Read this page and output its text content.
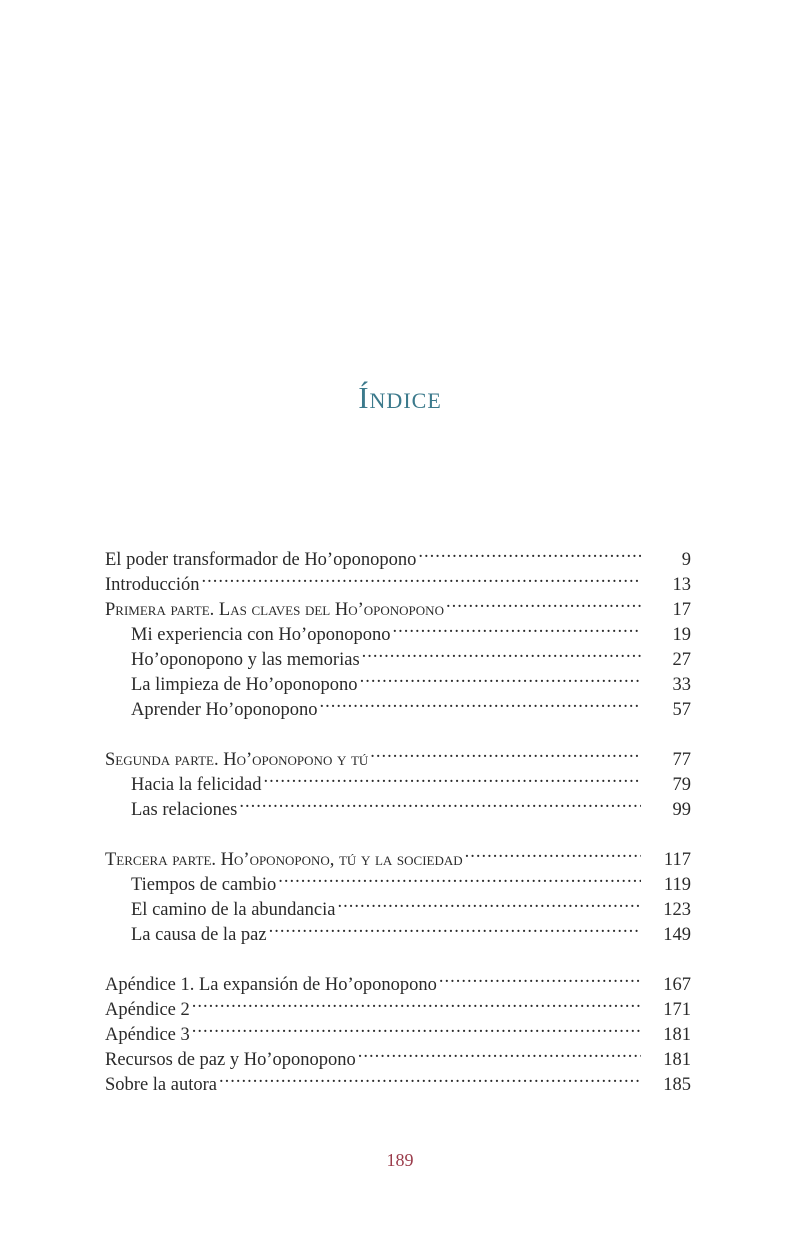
Índice
El poder transformador de Ho’oponopono .....	9
Introducción .....	13
Primera parte. Las claves del Ho’oponopono .....	17
Mi experiencia con Ho’oponopono .....	19
Ho’oponopono y las memorias .....	27
La limpieza de Ho’oponopono .....	33
Aprender Ho’oponopono .....	57
Segunda parte. Ho’oponopono y tú .....	77
Hacia la felicidad .....	79
Las relaciones .....	99
Tercera parte. Ho’oponopono, tú y la sociedad .....	117
Tiempos de cambio .....	119
El camino de la abundancia .....	123
La causa de la paz .....	149
Apéndice 1. La expansión de Ho’oponopono .....	167
Apéndice 2 .....	171
Apéndice 3 .....	181
Recursos de paz y Ho’oponopono .....	181
Sobre la autora .....	185
189
